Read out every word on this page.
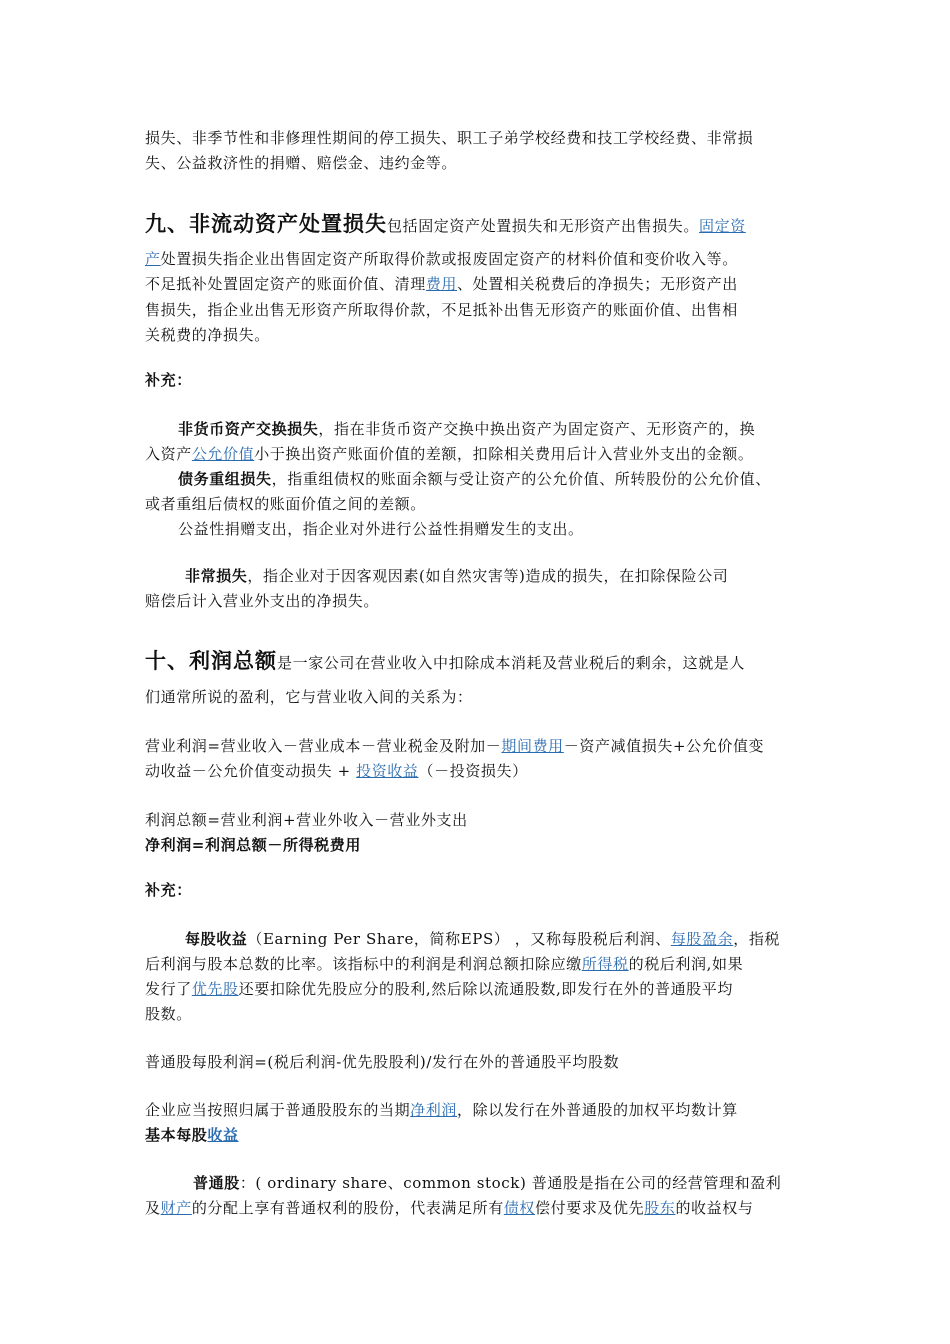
损失、非季节性和非修理性期间的停工损失、职工子弟学校经费和技工学校经费、非常损
失、公益救济性的捐赠、赔偿金、违约金等。
九、非流动资产处置损失包括固定资产处置损失和无形资产出售损失。固定资
产处置损失指企业出售固定资产所取得价款或报废固定资产的材料价值和变价收入等。
不足抵补处置固定资产的账面价值、清理费用、处置相关税费后的净损失；无形资产出
售损失，指企业出售无形资产所取得价款，不足抵补出售无形资产的账面价值、出售相
关税费的净损失。
补充：
非货币资产交换损失，指在非货币资产交换中换出资产为固定资产、无形资产的，换
入资产公允价值小于换出资产账面价值的差额，扣除相关费用后计入营业外支出的金额。
债务重组损失，指重组债权的账面余额与受让资产的公允价值、所转股份的公允价值、
或者重组后债权的账面价值之间的差额。
公益性捐赠支出，指企业对外进行公益性捐赠发生的支出。
非常损失，指企业对于因客观因素(如自然灾害等)造成的损失，在扣除保险公司
赔偿后计入营业外支出的净损失。
十、利润总额是一家公司在营业收入中扣除成本消耗及营业税后的剩余，这就是人
们通常所说的盈利，它与营业收入间的关系为：
营业利润=营业收入－营业成本－营业税金及附加－期间费用－资产减值损失+公允价值变
动收益－公允价值变动损失 + 投资收益（－投资损失）
利润总额=营业利润+营业外收入－营业外支出
净利润=利润总额－所得税费用
补充：
每股收益（Earning Per Share，简称EPS） ，又称每股税后利润、每股盈余，指税
后利润与股本总数的比率。该指标中的利润是利润总额扣除应缴所得税的税后利润,如果
发行了优先股还要扣除优先股应分的股利,然后除以流通股数,即发行在外的普通股平均
股数。
普通股每股利润=(税后利润-优先股股利)/发行在外的普通股平均股数
企业应当按照归属于普通股股东的当期净利润，除以发行在外普通股的加权平均数计算
基本每股收益
普通股：( ordinary share、common stock) 普通股是指在公司的经营管理和盈利
及财产的分配上享有普通权利的股份，代表满足所有债权偿付要求及优先股东的收益权与
